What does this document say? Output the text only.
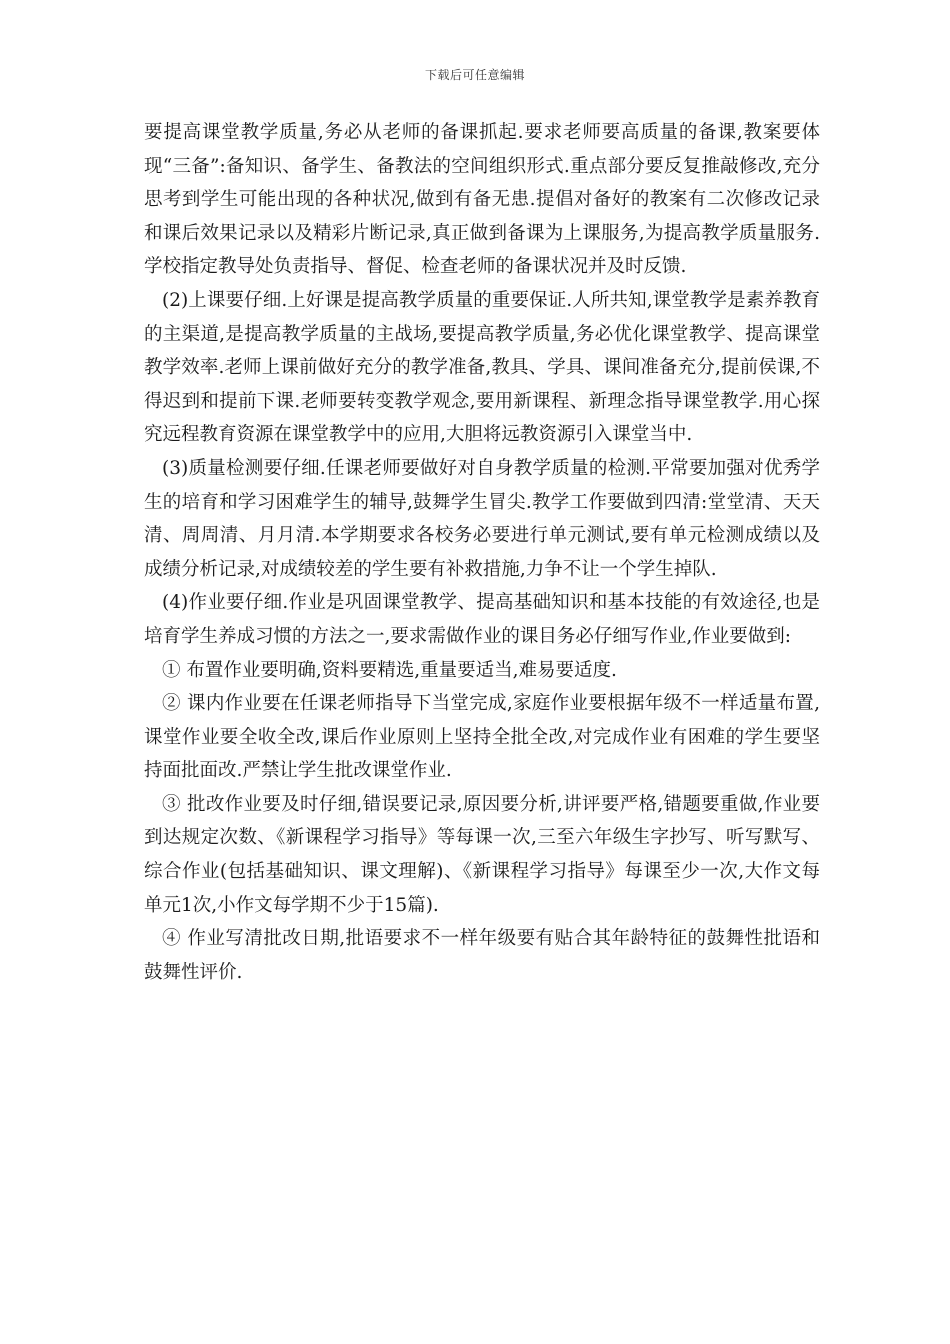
下载后可任意编辑

要提高课堂教学质量,务必从老师的备课抓起.要求老师要高质量的备课,教案要体现“三备”:备知识、备学生、备教法的空间组织形式.重点部分要反复推敲修改,充分思考到学生可能出现的各种状况,做到有备无患.提倡对备好的教案有二次修改记录和课后效果记录以及精彩片断记录,真正做到备课为上课服务,为提高教学质量服务.学校指定教导处负责指导、督促、检查老师的备课状况并及时反馈.

(2)上课要仔细.上好课是提高教学质量的重要保证.人所共知,课堂教学是素养教育的主渠道,是提高教学质量的主战场,要提高教学质量,务必优化课堂教学、提高课堂教学效率.老师上课前做好充分的教学准备,教具、学具、课间准备充分,提前侯课,不得迟到和提前下课.老师要转变教学观念,要用新课程、新理念指导课堂教学.用心探究远程教育资源在课堂教学中的应用,大胆将远教资源引入课堂当中.

(3)质量检测要仔细.任课老师要做好对自身教学质量的检测.平常要加强对优秀学生的培育和学习困难学生的辅导,鼓舞学生冒尖.教学工作要做到四清:堂堂清、天天清、周周清、月月清.本学期要求各校务必要进行单元测试,要有单元检测成绩以及成绩分析记录,对成绩较差的学生要有补救措施,力争不让一个学生掉队.

(4)作业要仔细.作业是巩固课堂教学、提高基础知识和基本技能的有效途径,也是培育学生养成习惯的方法之一,要求需做作业的课目务必仔细写作业,作业要做到:

① 布置作业要明确,资料要精选,重量要适当,难易要适度.

② 课内作业要在任课老师指导下当堂完成,家庭作业要根据年级不一样适量布置,课堂作业要全收全改,课后作业原则上坚持全批全改,对完成作业有困难的学生要坚持面批面改.严禁让学生批改课堂作业.

③ 批改作业要及时仔细,错误要记录,原因要分析,讲评要严格,错题要重做,作业要到达规定次数、《新课程学习指导》等每课一次,三至六年级生字抄写、听写默写、综合作业(包括基础知识、课文理解)、《新课程学习指导》每课至少一次,大作文每单元1次,小作文每学期不少于15篇).

④ 作业写清批改日期,批语要求不一样年级要有贴合其年龄特征的鼓舞性批语和鼓舞性评价.
